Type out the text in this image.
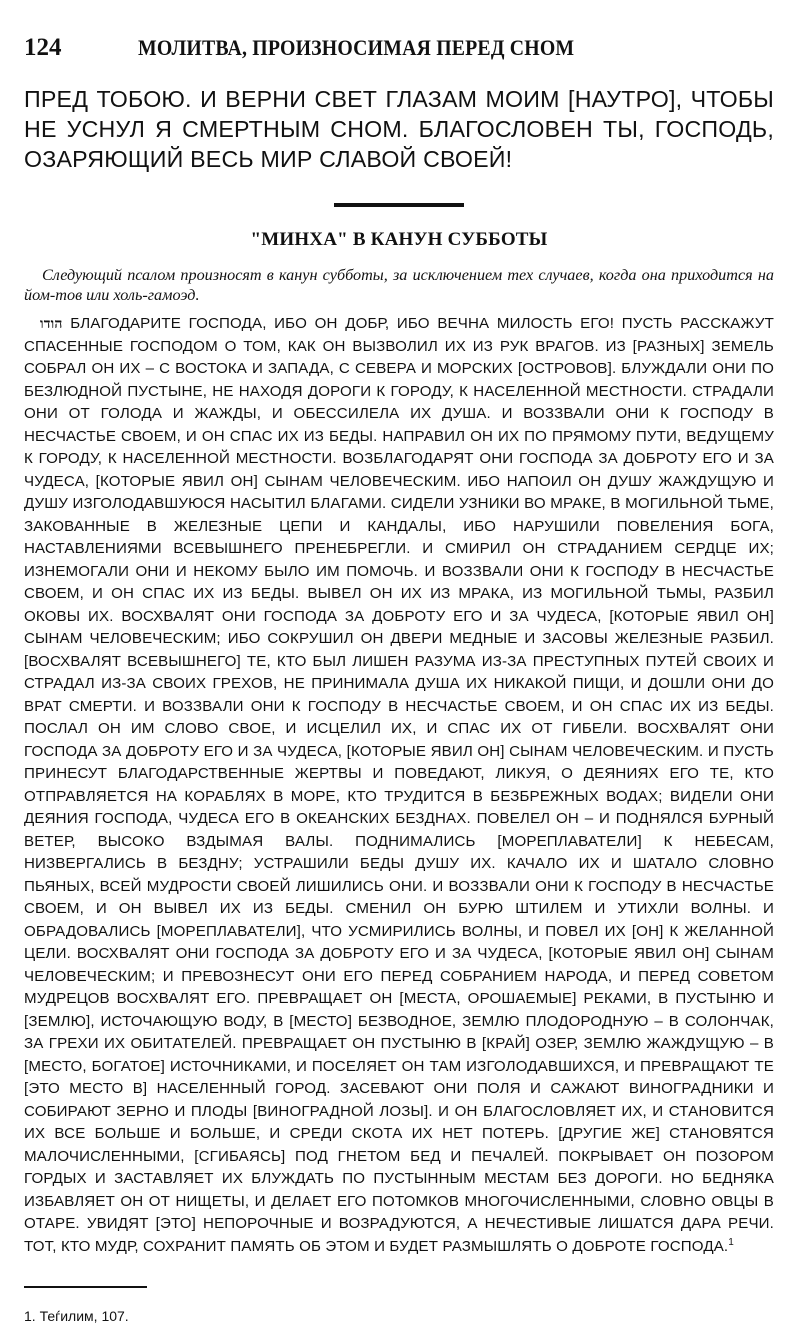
124	МОЛИТВА, ПРОИЗНОСИМАЯ ПЕРЕД СНОМ
ПРЕД ТОБОЮ. И ВЕРНИ СВЕТ ГЛАЗАМ МОИМ [НАУТРО], ЧТОБЫ НЕ УСНУЛ Я СМЕРТНЫМ СНОМ. БЛАГОСЛОВЕН ТЫ, ГОСПОДЬ, ОЗАРЯЮЩИЙ ВЕСЬ МИР СЛАВОЙ СВОЕЙ!
"МИНХА" В КАНУН СУББОТЫ
Следующий псалом произносят в канун субботы, за исключением тех случаев, когда она приходится на йом-тов или холь-гамоэд.
הודו БЛАГОДАРИТЕ ГОСПОДА, ИБО ОН ДОБР, ИБО ВЕЧНА МИЛОСТЬ ЕГО! ПУСТЬ РАССКАЖУТ СПАСЕННЫЕ ГОСПОДОМ О ТОМ, КАК ОН ВЫЗВОЛИЛ ИХ ИЗ РУК ВРАГОВ. ИЗ [РАЗНЫХ] ЗЕМЕЛЬ СОБРАЛ ОН ИХ – С ВОСТОКА И ЗАПАДА, С СЕВЕРА И МОРСКИХ [ОСТРОВОВ]. БЛУЖДАЛИ ОНИ ПО БЕЗЛЮДНОЙ ПУСТЫНЕ, НЕ НАХОДЯ ДОРОГИ К ГОРОДУ, К НАСЕЛЕННОЙ МЕСТНОСТИ. СТРАДАЛИ ОНИ ОТ ГОЛОДА И ЖАЖДЫ, И ОБЕССИЛЕЛА ИХ ДУША. И ВОЗЗВАЛИ ОНИ К ГОСПОДУ В НЕСЧАСТЬЕ СВОЕМ, И ОН СПАС ИХ ИЗ БЕДЫ. НАПРАВИЛ ОН ИХ ПО ПРЯМОМУ ПУТИ, ВЕДУЩЕМУ К ГОРОДУ, К НАСЕЛЕННОЙ МЕСТНОСТИ. ВОЗБЛАГОДАРЯТ ОНИ ГОСПОДА ЗА ДОБРОТУ ЕГО И ЗА ЧУДЕСА, [КОТОРЫЕ ЯВИЛ ОН] СЫНАМ ЧЕЛОВЕЧЕСКИМ. ИБО НАПОИЛ ОН ДУШУ ЖАЖДУЩУЮ И ДУШУ ИЗГОЛОДАВШУЮСЯ НАСЫТИЛ БЛАГАМИ. СИДЕЛИ УЗНИКИ ВО МРАКЕ, В МОГИЛЬНОЙ ТЬМЕ, ЗАКОВАННЫЕ В ЖЕЛЕЗНЫЕ ЦЕПИ И КАНДАЛЫ, ИБО НАРУШИЛИ ПОВЕЛЕНИЯ БОГА, НАСТАВЛЕНИЯМИ ВСЕВЫШНЕГО ПРЕНЕБРЕГЛИ. И СМИРИЛ ОН СТРАДАНИЕМ СЕРДЦЕ ИХ; ИЗНЕМОГАЛИ ОНИ И НЕКОМУ БЫЛО ИМ ПОМОЧЬ. И ВОЗЗВАЛИ ОНИ К ГОСПОДУ В НЕСЧАСТЬЕ СВОЕМ, И ОН СПАС ИХ ИЗ БЕДЫ. ВЫВЕЛ ОН ИХ ИЗ МРАКА, ИЗ МОГИЛЬНОЙ ТЬМЫ, РАЗБИЛ ОКОВЫ ИХ. ВОСХВАЛЯТ ОНИ ГОСПОДА ЗА ДОБРОТУ ЕГО И ЗА ЧУДЕСА, [КОТОРЫЕ ЯВИЛ ОН] СЫНАМ ЧЕЛОВЕЧЕСКИМ; ИБО СОКРУШИЛ ОН ДВЕРИ МЕДНЫЕ И ЗАСОВЫ ЖЕЛЕЗНЫЕ РАЗБИЛ. [ВОСХВАЛЯТ ВСЕВЫШНЕГО] ТЕ, КТО БЫЛ ЛИШЕН РАЗУМА ИЗ-ЗА ПРЕСТУПНЫХ ПУТЕЙ СВОИХ И СТРАДАЛ ИЗ-ЗА СВОИХ ГРЕХОВ, НЕ ПРИНИМАЛА ДУША ИХ НИКАКОЙ ПИЩИ, И ДОШЛИ ОНИ ДО ВРАТ СМЕРТИ. И ВОЗЗВАЛИ ОНИ К ГОСПОДУ В НЕСЧАСТЬЕ СВОЕМ, И ОН СПАС ИХ ИЗ БЕДЫ. ПОСЛАЛ ОН ИМ СЛОВО СВОЕ, И ИСЦЕЛИЛ ИХ, И СПАС ИХ ОТ ГИБЕЛИ. ВОСХВАЛЯТ ОНИ ГОСПОДА ЗА ДОБРОТУ ЕГО И ЗА ЧУДЕСА, [КОТОРЫЕ ЯВИЛ ОН] СЫНАМ ЧЕЛОВЕЧЕСКИМ. И ПУСТЬ ПРИНЕСУТ БЛАГОДАРСТВЕННЫЕ ЖЕРТВЫ И ПОВЕДАЮТ, ЛИКУЯ, О ДЕЯНИЯХ ЕГО ТЕ, КТО ОТПРАВЛЯЕТСЯ НА КОРАБЛЯХ В МОРЕ, КТО ТРУДИТСЯ В БЕЗБРЕЖНЫХ ВОДАХ; ВИДЕЛИ ОНИ ДЕЯНИЯ ГОСПОДА, ЧУДЕСА ЕГО В ОКЕАНСКИХ БЕЗДНАХ. ПОВЕЛЕЛ ОН – И ПОДНЯЛСЯ БУРНЫЙ ВЕТЕР, ВЫСОКО ВЗДЫМАЯ ВАЛЫ. ПОДНИМАЛИСЬ [МОРЕПЛАВАТЕЛИ] К НЕБЕСАМ, НИЗВЕРГАЛИСЬ В БЕЗДНУ; УСТРАШИЛИ БЕДЫ ДУШУ ИХ. КАЧАЛО ИХ И ШАТАЛО СЛОВНО ПЬЯНЫХ, ВСЕЙ МУДРОСТИ СВОЕЙ ЛИШИЛИСЬ ОНИ. И ВОЗЗВАЛИ ОНИ К ГОСПОДУ В НЕСЧАСТЬЕ СВОЕМ, И ОН ВЫВЕЛ ИХ ИЗ БЕДЫ. СМЕНИЛ ОН БУРЮ ШТИЛЕМ И УТИХЛИ ВОЛНЫ. И ОБРАДОВАЛИСЬ [МОРЕПЛАВАТЕЛИ], ЧТО УСМИРИЛИСЬ ВОЛНЫ, И ПОВЕЛ ИХ [ОН] К ЖЕЛАННОЙ ЦЕЛИ. ВОСХВАЛЯТ ОНИ ГОСПОДА ЗА ДОБРОТУ ЕГО И ЗА ЧУДЕСА, [КОТОРЫЕ ЯВИЛ ОН] СЫНАМ ЧЕЛОВЕЧЕСКИМ; И ПРЕВОЗНЕСУТ ОНИ ЕГО ПЕРЕД СОБРАНИЕМ НАРОДА, И ПЕРЕД СОВЕТОМ МУДРЕЦОВ ВОСХВАЛЯТ ЕГО. ПРЕВРАЩАЕТ ОН [МЕСТА, ОРОШАЕМЫЕ] РЕКАМИ, В ПУСТЫНЮ И [ЗЕМЛЮ], ИСТОЧАЮЩУЮ ВОДУ, В [МЕСТО] БЕЗВОДНОЕ, ЗЕМЛЮ ПЛОДОРОДНУЮ – В СОЛОНЧАК, ЗА ГРЕХИ ИХ ОБИТАТЕЛЕЙ. ПРЕВРАЩАЕТ ОН ПУСТЫНЮ В [КРАЙ] ОЗЕР, ЗЕМЛЮ ЖАЖДУЩУЮ – В [МЕСТО, БОГАТОЕ] ИСТОЧНИКАМИ, И ПОСЕЛЯЕТ ОН ТАМ ИЗГОЛОДАВШИХСЯ, И ПРЕВРАЩАЮТ ТЕ [ЭТО МЕСТО В] НАСЕЛЕННЫЙ ГОРОД. ЗАСЕВАЮТ ОНИ ПОЛЯ И САЖАЮТ ВИНОГРАДНИКИ И СОБИРАЮТ ЗЕРНО И ПЛОДЫ [ВИНОГРАДНОЙ ЛОЗЫ]. И ОН БЛАГОСЛОВЛЯЕТ ИХ, И СТАНОВИТСЯ ИХ ВСЕ БОЛЬШЕ И БОЛЬШЕ, И СРЕДИ СКОТА ИХ НЕТ ПОТЕРЬ. [ДРУГИЕ ЖЕ] СТАНОВЯТСЯ МАЛОЧИСЛЕННЫМИ, [СГИБАЯСЬ] ПОД ГНЕТОМ БЕД И ПЕЧАЛЕЙ. ПОКРЫВАЕТ ОН ПОЗОРОМ ГОРДЫХ И ЗАСТАВЛЯЕТ ИХ БЛУЖДАТЬ ПО ПУСТЫННЫМ МЕСТАМ БЕЗ ДОРОГИ. НО БЕДНЯКА ИЗБАВЛЯЕТ ОН ОТ НИЩЕТЫ, И ДЕЛАЕТ ЕГО ПОТОМКОВ МНОГОЧИСЛЕННЫМИ, СЛОВНО ОВЦЫ В ОТАРЕ. УВИДЯТ [ЭТО] НЕПОРОЧНЫЕ И ВОЗРАДУЮТСЯ, А НЕЧЕСТИВЫЕ ЛИШАТСЯ ДАРА РЕЧИ. ТОТ, КТО МУДР, СОХРАНИТ ПАМЯТЬ ОБ ЭТОМ И БУДЕТ РАЗМЫШЛЯТЬ О ДОБРОТЕ ГОСПОДА.$^1$
1. Теѓилим, 107.
